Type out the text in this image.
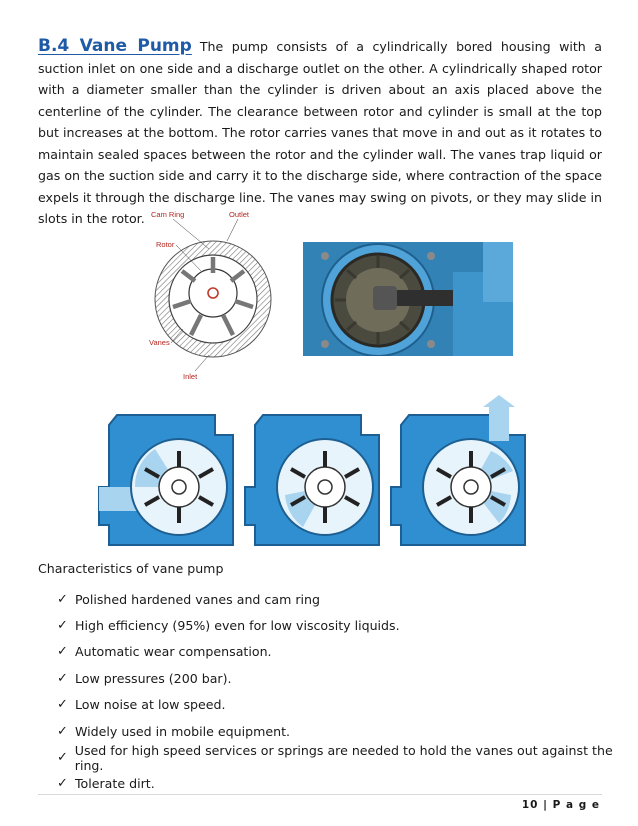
B.4 Vane Pump The pump consists of a cylindrically bored housing with a suction inlet on one side and a discharge outlet on the other. A cylindrically shaped rotor with a diameter smaller than the cylinder is driven about an axis placed above the centerline of the cylinder. The clearance between rotor and cylinder is small at the top but increases at the bottom. The rotor carries vanes that move in and out as it rotates to maintain sealed spaces between the rotor and the cylinder wall. The vanes trap liquid or gas on the suction side and carry it to the discharge side, where contraction of the space expels it through the discharge line. The vanes may swing on pivots, or they may slide in slots in the rotor. Cam Ring	Outlet
Rotor
Vanes
Inlet

Characteristics of vane pump

✓ Polished hardened vanes and cam ring
✓ High efficiency (95%) even for low viscosity liquids.
✓ Automatic wear compensation.
✓ Low pressures (200 bar).
✓ Low noise at low speed.
✓ Widely used in mobile equipment.
✓ Used for high speed services or springs are needed to hold the vanes out against the ring.
✓ Tolerate dirt.
10 | P a g e
